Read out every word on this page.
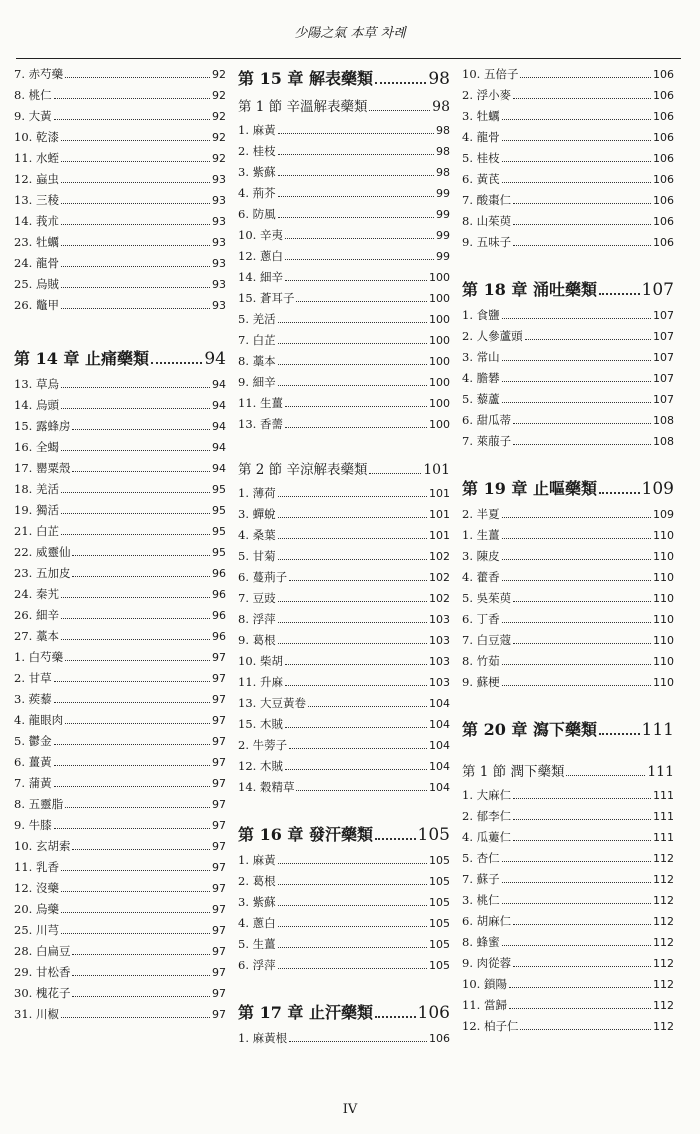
少陽之氣 本草 차례
7. 赤芍藥	92
8. 桃仁	92
9. 大黃	92
10. 乾漆	92
11. 水蛭	92
12. 蝱虫	93
13. 三稜	93
14. 莪朮	93
23. 牡蠣	93
24. 龍骨	93
25. 烏賊	93
26. 鼈甲	93
第 14 章 止痛藥類	94
13. 草烏	94
14. 烏頭	94
15. 露蜂房	94
16. 全蝎	94
17. 罌粟殼	94
18. 羌活	95
19. 獨活	95
21. 白芷	95
22. 威靈仙	95
23. 五加皮	96
24. 秦艽	96
26. 細辛	96
27. 藁本	96
1. 白芍藥	97
2. 甘草	97
3. 蒺藜	97
4. 龍眼肉	97
5. 鬱金	97
6. 薑黃	97
7. 蒲黃	97
8. 五靈脂	97
9. 牛膝	97
10. 玄胡索	97
11. 乳香	97
12. 沒藥	97
20. 烏藥	97
25. 川芎	97
28. 白扁豆	97
29. 甘松香	97
30. 槐花子	97
31. 川椒	97
第 15 章 解表藥類	98
第 1 節 辛溫解表藥類	98
1. 麻黃	98
2. 桂枝	98
3. 紫蘇	98
4. 荊芥	99
6. 防風	99
10. 辛夷	99
12. 蔥白	99
14. 細辛	100
15. 蒼耳子	100
5. 羌活	100
7. 白芷	100
8. 藁本	100
9. 細辛	100
11. 生薑	100
13. 香薷	100
第 2 節 辛涼解表藥類	101
1. 薄荷	101
3. 蟬蛻	101
4. 桑葉	101
5. 甘菊	102
6. 蔓荊子	102
7. 豆豉	102
8. 浮萍	103
9. 葛根	103
10. 柴胡	103
11. 升麻	103
13. 大豆黃卷	104
15. 木賊	104
2. 牛蒡子	104
12. 木賊	104
14. 穀精草	104
第 16 章 發汗藥類	105
1. 麻黃	105
2. 葛根	105
3. 紫蘇	105
4. 蔥白	105
5. 生薑	105
6. 浮萍	105
第 17 章 止汗藥類	106
1. 麻黃根	106
10. 五倍子	106
2. 浮小麥	106
3. 牡蠣	106
4. 龍骨	106
5. 桂枝	106
6. 黃芪	106
7. 酸棗仁	106
8. 山茱萸	106
9. 五味子	106
第 18 章 涌吐藥類	107
1. 食鹽	107
2. 人參蘆頭	107
3. 常山	107
4. 膽礬	107
5. 藜蘆	107
6. 甜瓜蒂	108
7. 萊菔子	108
第 19 章 止嘔藥類	109
2. 半夏	109
1. 生薑	110
3. 陳皮	110
4. 藿香	110
5. 吳茱萸	110
6. 丁香	110
7. 白豆蔻	110
8. 竹茹	110
9. 蘇梗	110
第 20 章 瀉下藥類	111
第 1 節 潤下藥類	111
1. 大麻仁	111
2. 郁李仁	111
4. 瓜蔞仁	111
5. 杏仁	112
7. 蘇子	112
3. 桃仁	112
6. 胡麻仁	112
8. 蜂蜜	112
9. 肉從蓉	112
10. 鎖陽	112
11. 當歸	112
12. 柏子仁	112
IV
